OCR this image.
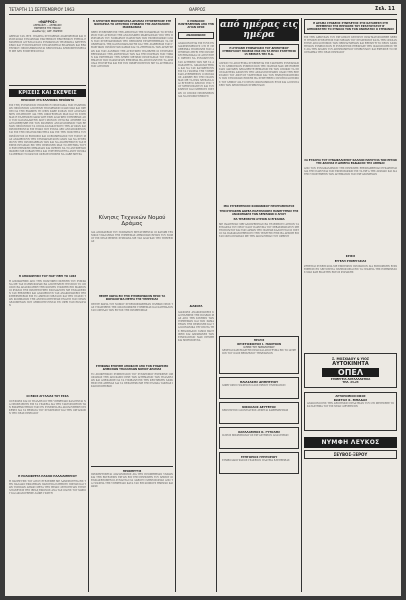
ΤΕΤΑΡΤΗ 11 ΣΕΠΤΕΜΒΡΙΟΥ 1963	ΘΑΡΡΟΣ	Σελ. 11
«ΘΑΡΡΟΣ»
ΑΘΗΝΑΪΚΗ — ΑΘΗΝΑΙΟΣ
ΕΦΗΜΕΡΙΣ ΤΗΣ ΠΡΩΙΑΣ
Διευθυντής: ΑΝΤ. ΘΑΡΡΟΣ
ΑΘΗΝΑΙ ΤΑΧ. ΘΥΡ. ΓΡΑΦΕΙΑ ΣΥΝΤΑΞΕΩΣ ΔΙΑΧΕΙΡΙΣΕΩΣ ΚΑΙ ΠΡΟΣΤΑΣΙΑΣ ΣΥΝΔΡΟΜΑΙ ΕΣΩΤΕΡΙΚΟΥ ΕΞΩΤΕΡΙΚΟΥ ΕΤΗΣΙΑ ΕΞΑΜΗΝΟΣ ΑΓΓΕΛΙΑΙ ΚΑΤΑ ΣΥΜΦΩΝΙΑΝ ΤΗΛΕΦΩΝΑ ΔΙΕΥΘΥΝΣΕΩΣ ΚΑΙ ΤΥΠΟΓΡΑΦΕΙΟΥ ΣΥΝΔΡΟΜΗΤΑΙ ΕΠΑΡΧΙΩΝ ΚΑΙ ΕΞΩΤΕΡΙΚΟΥ ΠΡΟΠΛΗΡΩΝΟΝΤΑΙ ΧΕΙΡΟΓΡΑΦΑ ΔΗΜΟΣΙΕΥΟΜΕΝΑ Η ΜΗ ΔΕΝ ΕΠΙΣΤΡΕΦΟΝΤΑΙ
ΚΡΙΣΕΙΣ ΚΑΙ ΣΚΕΨΕΙΣ
ΠΡΟΣΟΧΗ ΣΤΑ ΕΛΛΗΝΙΚΑ ΠΡΟΪΟΝΤΑ
ΕΙΣ ΤΗΝ ΣΥΓΧΡΟΝΟΝ ΕΠΟΧΗΝ Η ΠΡΟΣΤΑΣΙΑ ΤΩΝ ΕΛΛΗΝΙΚΩΝ ΠΡΟΪΟΝΤΩΝ ΑΠΟΤΕΛΕΙ ΥΠΟΧΡΕΩΣΙΝ ΟΛΩΝ ΜΑΣ ΚΑΙ ΠΡΕΠΕΙ ΝΑ ΤΗΝ ΕΧΩΜΕΝ ΥΠ ΟΨΙΝ ΚΑΘΕ ΦΟΡΑΝ ΠΟΥ ΑΓΟΡΑΖΟΜΕΝ ΟΤΙΔΗΠΟΤΕ ΔΙΑ ΤΗΝ ΟΙΚΟΓΕΝΕΙΑΝ ΜΑΣ ΚΑΙ ΤΟ ΣΠΙΤΙ ΜΑΣ Η ΕΛΛΗΝΙΚΗ ΠΑΡΑΓΩΓΗ ΕΧΕΙ ΑΝΑΓΚΗΝ ΣΤΗΡΙΞΕΩΣ ΑΠΟ ΤΟΝ ΚΑΤΑΝΑΛΩΤΗΝ ΔΙΟΤΙ ΜΟΝΟΝ ΟΥΤΩ ΘΑ ΔΥΝΗΘΗ ΝΑ ΑΝΤΑΠΕΞΕΛΘΗ ΕΙΣ ΤΟΝ ΣΚΛΗΡΟΝ ΑΝΤΑΓΩΝΙΣΜΟΝ ΤΩΝ ΞΕΝΩΝ ΠΡΟΪΟΝΤΩΝ ΤΑ ΟΠΟΙΑ ΚΑΤΑΚΛΥΖΟΥΝ ΤΗΝ ΑΓΟΡΑΝ ΚΑΙ ΠΡΟΣΦΕΡΟΝΤΑΙ ΕΙΣ ΤΙΜΑΣ ΠΟΥ ΣΥΧΝΑ ΔΕΝ ΑΝΤΑΠΟΚΡΙΝΟΝΤΑΙ ΕΙΣ ΤΗΝ ΠΡΑΓΜΑΤΙΚΟΤΗΤΑ ΚΑΙ ΕΙΣ ΤΗΝ ΠΟΙΟΤΗΤΑ ΤΟΥ ΠΡΟΪΟΝΤΟΣ ΟΙ ΕΜΠΟΡΟΙ ΚΑΙ ΟΙ ΒΙΟΜΗΧΑΝΟΙ ΤΟΥ ΤΟΠΟΥ ΜΑΣ ΑΝΑΜΕΝΟΥΝ ΤΗΝ ΣΥΜΠΑΡΑΣΤΑΣΙΝ ΟΛΩΝ ΔΙΑ ΝΑ ΣΥΝΕΧΙΣΟΥΝ ΤΗΝ ΠΡΟΣΠΑΘΕΙΑΝ ΤΩΝ ΚΑΙ ΝΑ ΔΙΑΤΗΡΗΣΟΥΝ ΤΑΣ ΘΕΣΕΙΣ ΕΡΓΑΣΙΑΣ ΕΙΣ ΤΗΝ ΠΕΡΙΟΧΗΝ ΜΑΣ ΤΟ ΖΗΤΗΜΑ ΤΟΥΤΟ ΕΧΕΙ ΕΘΝΙΚΗΝ ΣΗΜΑΣΙΑΝ ΚΑΙ ΠΡΕΠΕΙ ΝΑ ΤΟ ΑΝΤΙΜΕΤΩΠΙΣΩΜΕΝ ΜΕ ΣΟΒΑΡΟΤΗΤΑ ΚΑΙ ΥΠΕΥΘΥΝΟΤΗΤΑ ΑΝΕΥ ΠΡΟΚΑΤΑΛΗΨΕΩΝ ΤΟ ΚΡΑΤΟΣ ΟΦΕΙΛΕΙ ΕΠΙΣΗΣ ΝΑ ΛΑΒΗ ΜΕΤΡΑ
Η ΑΠΟΧΩΡΗΣΙΣ ΤΟΥ ΠΑΡ' ΠΕΡΙ ΤΟ 1963
Η ΑΠΟΧΩΡΗΣΙΣ ΑΠΟ ΤΗΝ ΠΟΛΙΤΙΚΗΝ ΣΚΗΝΗΝ ΤΟΥ ΣΥΜΦΩΝΑ ΜΕ ΤΑΣ ΠΛΗΡΟΦΟΡΙΑΣ ΘΑ ΑΠΟΤΕΛΕΣΗ ΓΕΓΟΝΟΣ ΤΟ ΟΠΟΙΟΝ ΘΑ ΑΠΑΣΧΟΛΗΣΗ ΤΗΝ ΚΟΙΝΗΝ ΓΝΩΜΗΝ ΕΠΙ ΜΑΚΡΟΝ ΟΙ ΚΥΚΛΟΙ ΤΗΣ ΠΡΩΤΕΥΟΥΣΗΣ ΣΧΟΛΙΑΖΟΥΝ ΜΕ ΕΝΔΙΑΦΕΡΟΝ ΤΑΣ ΕΞΕΛΙΞΕΙΣ ΚΑΙ ΑΝΑΜΕΝΟΥΝ ΤΑΣ ΑΝΑΚΟΙΝΩΣΕΙΣ ΤΗΣ ΚΥΒΕΡΝΗΣΕΩΣ ΕΙΣ ΤΟ ΑΜΕΣΟΝ ΜΕΛΛΟΝ ΚΑΙ ΤΗΝ ΣΤΑΣΙΝ ΤΩΝ ΚΟΜΜΑΤΩΝ ΤΗΣ ΑΝΤΙΠΟΛΙΤΕΥΣΕΩΣ ΕΝΑΝΤΙ ΤΩΝ ΝΕΩΝ ΔΕΔΟΜΕΝΩΝ ΠΟΥ ΔΗΜΙΟΥΡΓΟΥΝΤΑΙ ΕΝ ΟΨΕΙ ΤΩΝ ΕΚΛΟΓΩΝ
ΟΙ ΕΦΟΣ ΑΓΓΑΛΙΑΣ ΤΟΥ ΕΣΚΑ
ΟΙ ΕΦΟΡΟΙ ΚΑΙ ΟΙ ΥΠΑΛΛΗΛΟΙ ΤΗΣ ΥΠΗΡΕΣΙΑΣ ΚΑΛΟΥΝΤΑΙ ΝΑ ΠΡΟΣΕΛΘΟΥΝ ΕΙΣ ΤΑ ΓΡΑΦΕΙΑ ΔΙΑ ΤΗΝ ΤΑΚΤΟΠΟΙΗΣΙΝ ΤΩΝ ΕΚΚΡΕΜΟΤΗΤΩΝ ΤΩΝ ΕΝ ΣΥΝΕΧΕΙΑ ΘΑ ΑΚΟΛΟΥΘΗΣΗ ΣΥΣΚΕΨΙΣ ΔΙΑ ΤΑ ΘΕΜΑΤΑ ΤΟΥ ΣΥΝΔΕΣΜΟΥ ΚΑΙ ΤΗΝ ΟΡΓΑΝΩΣΙΝ ΤΗΣ ΝΕΑΣ ΠΕΡΙΟΔΟΥ
Η ΠΟΛΙΟΦΡΕΤΑ ΠΑΣΑΝΙ ΠΑΛΑΙΑΜΠΕΣΟΥ
Η ΠΑΝΗΓΥΡΙΣ ΤΟΥ ΑΓΙΟΥ ΕΤΕΛΕΣΘΗ ΜΕ ΛΑΜΠΡΟΤΗΤΑ ΕΙΣ ΤΗΝ ΠΑΛΑΙΑΝ ΕΚΚΛΗΣΙΑΝ ΠΑΡΟΥΣΙΑ ΠΛΗΘΟΥΣ ΠΙΣΤΩΝ ΚΑΙ ΤΩΝ ΤΟΠΙΚΩΝ ΑΡΧΩΝ ΜΕΤΑ ΤΗΝ ΘΕΙΑΝ ΛΕΙΤΟΥΡΓΙΑΝ ΕΓΙΝΕ ΛΙΤΑΝΕΥΣΙΣ ΤΗΣ ΙΕΡΑΣ ΕΙΚΟΝΟΣ ΑΝΑ ΤΑΣ ΟΔΟΥΣ ΤΟΥ ΧΩΡΙΟΥ ΚΑΙ ΑΚΟΛΟΥΘΗΣΕ ΛΑΪΚΗ ΓΙΟΡΤΗ
Η ΑΓΡΟΤΙΚΗ ΜΙΚΡΟΦΡΑΓΚΑ ΔΡΑΜΑΣ ΣΥΓΚΕΝΤΡΩΣΕ ΣΤΗ ΝΟΜΑΡΧΙΑ ΤΟ ΑΓΡΟΤΙΚΟ ΣΥΝΕΔΡΙΟ ΤΗΣ ΑΝΑΤΟΛΙΚΗΣ ΜΑΚΕΔΟΝΙΑΣ
ΧΘΕΣ ΣΥΝΕΡΧΘΗ ΕΙΣ ΤΗΝ ΑΙΘΟΥΣΑΝ ΤΗΣ ΝΟΜΑΡΧΙΑΣ ΤΟ ΣΥΝΕΔΡΙΟΝ ΤΩΝ ΑΓΡΟΤΩΝ ΤΗΣ ΑΝΑΤΟΛΙΚΗΣ ΜΑΚΕΔΟΝΙΑΣ ΥΠΟ ΤΗΝ ΠΡΟΕΔΡΙΑΝ ΤΟΥ ΝΟΜΑΡΧΟΥ ΠΑΡΟΝΤΩΝ ΤΩΝ ΕΚΠΡΟΣΩΠΩΝ ΟΛΩΝ ΤΩΝ ΣΥΝΕΤΑΙΡΙΣΜΩΝ ΤΗΣ ΠΕΡΙΟΧΗΣ ΕΣΥΖΗΤΗΘΗΣΑΝ ΤΑ ΠΡΟΒΛΗΜΑΤΑ ΤΗΣ ΚΑΠΝΟΠΑΡΑΓΩΓΗΣ ΚΑΙ ΤΗΣ ΔΙΑΘΕΣΕΩΣ ΤΩΝ ΓΕΩΡΓΙΚΩΝ ΠΡΟΪΟΝΤΩΝ ΚΑΘΩΣ ΚΑΙ ΤΑ ΖΗΤΗΜΑΤΑ ΤΩΝ ΑΡΔΕΥΣΕΩΝ ΚΑΙ ΤΩΝ ΔΑΝΕΙΩΝ ΤΗΣ ΑΓΡΟΤΙΚΗΣ ΤΡΑΠΕΖΗΣ ΟΙ ΣΥΝΕΔΡΟΙ ΕΞΕΦΡΑΣΑΝ ΤΗΝ ΑΝΗΣΥΧΙΑΝ ΤΩΝ ΔΙΑ ΤΗΝ ΠΟΡΕΙΑΝ ΤΩΝ ΤΙΜΩΝ ΚΑΙ ΕΖΗΤΗΣΑΝ ΤΗΝ ΛΗΨΙΝ ΜΕΤΡΩΝ ΠΡΟΣΤΑΣΙΑΣ ΤΟΥ ΕΙΣΟΔΗΜΑΤΟΣ ΤΩΝ ΠΑΡΑΓΩΓΩΝ ΨΗΦΙΣΜΑ ΘΑ ΑΠΟΣΤΑΛΗ ΕΙΣ ΤΑ ΑΡΜΟΔΙΑ ΥΠΟΥΡΓΕΙΑ ΚΑΙ ΕΙΣ ΤΟΝ ΠΡΩΘΥΠΟΥΡΓΟΝ ΜΕ ΤΑ ΑΙΤΗΜΑΤΑ ΤΩΝ ΑΓΡΟΤΩΝ
Κίνησις Τεχνικών Νομού Δράμας
ΔΙΑ ΑΠΟΦΑΣΕΩΣ ΤΟΥ ΝΟΜΑΡΧΟΥ ΜΕΤΑΤΙΘΕΝΤΑΙ ΟΙ ΚΑΤΩΘΙ ΤΕΧΝΙΚΟΙ ΥΠΑΛΛΗΛΟΙ ΤΗΣ ΥΠΗΡΕΣΙΑΣ ΔΗΜΟΣΙΩΝ ΕΡΓΩΝ ΤΟΥ ΝΟΜΟΥ ΕΙΣ ΝΕΑΣ ΘΕΣΕΙΣ ΣΥΜΦΩΝΑ ΜΕ ΤΑΣ ΑΝΑΓΚΑΣ ΤΗΣ ΥΠΗΡΕΣΙΑΣ
ΠΕΝΤΕ ΧΩΡΙΑ ΕΙΣ ΤΗΝ ΣΥΜΜΟΡΦΩΣΙΝ ΠΡΟΣ ΤΑ ΦΟΡΟΛΟΓΙΚΑ ΜΕΤΡΑ ΤΗΣ ΥΠΗΡΕΣΙΑΣ
ΠΕΝΤΕ ΧΩΡΙΑ ΤΟΥ ΝΟΜΟΥ ΣΥΝΕΜΟΡΦΩΘΗΣΑΝ ΠΛΗΡΩΣ ΠΡΟΣ ΤΑΣ ΥΠΟΔΕΙΞΕΙΣ ΤΗΣ ΟΙΚΟΝΟΜΙΚΗΣ ΥΠΗΡΕΣΙΑΣ ΚΑΙ ΚΑΤΕΒΑΛΟΝ ΤΑΣ ΟΦΕΙΛΑΣ ΤΩΝ ΕΝΤΟΣ ΤΗΣ ΠΡΟΘΕΣΜΙΑΣ
ΣΥΜΦΩΝΑ ΕΓΚΡΙΘΗ ΑΠΟΦΑΣΗ ΑΠΟ ΤΟΝ ΣΥΝΔΕΣΜΟ ΔΗΜΟΣΙΩΝ ΥΠΑΛΛΗΛΩΝ ΝΟΜΟΥ ΔΡΑΜΑΣ
ΤΟ ΔΙΟΙΚΗΤΙΚΟΝ ΣΥΜΒΟΥΛΙΟΝ ΤΟΥ ΣΥΝΔΕΣΜΟΥ ΕΝΕΚΡΙΝΕ ΟΜΟΦΩΝΩΣ ΤΗΝ ΑΠΟΦΑΣΙΝ ΠΕΡΙ ΤΩΝ ΑΙΤΗΜΑΤΩΝ ΤΩΝ ΥΠΑΛΛΗΛΩΝ ΚΑΙ ΑΠΕΦΑΣΙΣΕ ΝΑ ΤΑ ΥΠΟΒΑΛΗ ΕΙΣ ΤΗΝ ΚΕΝΤΡΙΚΗΝ ΔΙΟΙΚΗΣΙΝ ΕΙΣ ΑΘΗΝΑΣ ΔΙΑ ΤΑ ΠΕΡΑΙΤΕΡΩ ΜΕ ΤΗΝ ΕΛΠΙΔΑ ΤΑΧΕΙΑΣ ΙΚΑΝΟΠΟΙΗΣΕΩΣ
ΠΡΟΚΗΡΥΞΙΣ
ΠΡΟΚΗΡΥΣΣΕΤΑΙ ΔΙΑΓΩΝΙΣΜΟΣ ΔΙΑ ΤΗΝ ΠΡΟΜΗΘΕΙΑΝ ΥΛΙΚΩΝ ΚΑΙ ΤΗΝ ΕΚΤΕΛΕΣΙΝ ΕΡΓΩΝ ΕΙΣ ΤΗΝ ΠΕΡΙΟΧΗΝ ΤΟΥ ΔΗΜΟΥ ΟΙ ΕΝΔΙΑΦΕΡΟΜΕΝΟΙ ΔΥΝΑΝΤΑΙ ΝΑ ΛΑΒΟΥΝ ΠΛΗΡΟΦΟΡΙΑΣ ΑΠΟ ΤΑ ΓΡΑΦΕΙΑ ΤΗΣ ΥΠΗΡΕΣΙΑΣ ΚΑΤΑ ΤΑΣ ΕΡΓΑΣΙΜΟΥΣ ΗΜΕΡΑΣ ΚΑΙ ΩΡΑΣ
Ο ΜΟΝΑΧΟΣ ΠΑΝΤΕΛΕΗΜΩΝ ΑΠΟ ΤΗΝ ΑΓΙΑΝ ΟΡΟΣ
ΑΝΑΚΟΙΝΩΣΙΣ
ΑΝΑΚΟΙΝΟΥΤΑΙ ΕΙΣ ΤΟΥΣ ΕΝΔΙΑΦΕΡΟΜΕΝΟΥΣ ΟΤΙ Η ΠΡΟΘΕΣΜΙΑ ΥΠΟΒΟΛΗΣ ΤΩΝ ΑΙΤΗΣΕΩΝ ΛΗΓΕΙ ΤΗΝ ΠΡΟΣΕΧΗ ΕΒΔΟΜΑΔΑ ΟΙ ΑΙΤΟΥΝΤΕΣ ΠΡΕΠΕΙ ΝΑ ΣΥΝΟΔΕΥΟΥΝ ΤΑΣ ΑΙΤΗΣΕΙΣ ΤΩΝ ΜΕ ΤΑ ΑΠΑΡΑΙΤΗΤΑ ΔΙΚΑΙΟΛΟΓΗΤΙΚΑ ΚΑΙ ΝΑ ΤΑΣ ΚΑΤΑΘΕΣΟΥΝ ΕΙΣ ΤΑ ΓΡΑΦΕΙΑ ΤΗΣ ΥΠΗΡΕΣΙΑΣ ΑΥΘΗΜΕΡΟΝ Ο ΜΟΝΑΧΟΣ ΑΦΙΧΘΗ ΕΙΣ ΤΗΝ ΠΟΛΙΝ ΜΑΣ ΜΕ ΤΑ ΙΕΡΑ ΛΕΙΨΑΝΑ ΚΑΙ ΕΓΕΝΕΤΟ ΔΕΚΤΟΣ ΥΠΟ ΤΟΥ ΜΗΤΡΟΠΟΛΙΤΟΥ ΚΑΙ ΤΟΥ ΚΛΗΡΟΥ ΚΑΙ ΠΛΗΘΟΥΣ ΠΙΣΤΩΝ ΟΙ ΟΠΟΙΟΙ ΠΡΟΣΗΛΘΟΝ ΔΙΑ ΝΑ ΠΡΟΣΚΥΝΗΣΟΥΝ
ΔΙΑΦΟΡΑ
ΔΙΑΦΟΡΟΙ ΑΝΑΚΟΙΝΩΣΕΙΣ ΚΑΙ ΕΙΔΗΣΕΙΣ ΤΗΣ ΠΟΛΕΩΣ ΜΑΣ ΑΠΟ ΤΗΝ ΚΙΝΗΣΙΝ ΤΩΝ ΥΠΗΡΕΣΙΩΝ ΚΑΙ ΤΩΝ ΣΩΜΑΤΕΙΩΝ ΤΗΣ ΠΕΡΙΟΧΗΣ ΚΑΙ ΤΑ ΚΟΙΝΩΝΙΚΑ ΓΕΓΟΝΟΤΑ ΤΗΣ ΕΒΔΟΜΑΔΟΣ ΓΑΜΟΙ ΒΑΠΤΙΣΕΙΣ ΚΑΙ ΑΡΡΑΒΩΝΕΣ ΤΩΝ ΣΥΜΠΟΛΙΤΩΝ ΜΑΣ ΠΕΝΘΗ ΚΑΙ ΜΝΗΜΟΣΥΝΑ
από ημέρας εις ημέρα
Η ΑΥΡΙΑΝΗ ΣΥΝΕΔΡΙΑΣΙΣ ΤΟΥ ΔΗΜΟΤΙΚΟΥ ΣΥΜΒΟΥΛΙΟΥ ΠΟΛΕΩΣ ΜΑΣ ΜΑ ΤΑ ΠΡΟΣ ΣΥΖΗΤΗΣΙΝ 15 ΘΕΜΑΤΑ ΤΗΣ Η.Δ.
ΑΥΡΙΟΝ ΤΟ ΑΠΟΓΕΥΜΑ ΣΥΝΕΡΧΕΤΑΙ ΕΙΣ ΤΑΚΤΙΚΗΝ ΣΥΝΕΔΡΙΑΣΙΝ ΤΟ ΔΗΜΟΤΙΚΟΝ ΣΥΜΒΟΥΛΙΟΝ ΤΗΣ ΠΟΛΕΩΣ ΜΑΣ ΜΕ ΗΜΕΡΗΣΙΑΝ ΔΙΑΤΑΞΙΝ ΔΕΚΑΠΕΝΤΕ ΘΕΜΑΤΩΝ ΕΚ ΤΩΝ ΟΠΟΙΩΝ ΤΑ ΣΠΟΥΔΑΙΟΤΕΡΑ ΑΦΟΡΟΥΝ ΤΗΝ ΑΣΦΑΛΤΟΣΤΡΩΣΙΝ ΟΔΩΝ ΤΗΝ ΕΠΕΚΤΑΣΙΝ ΤΟΥ ΔΙΚΤΥΟΥ ΥΔΡΕΥΣΕΩΣ ΚΑΙ ΤΟΝ ΗΛΕΚΤΡΟΦΩΤΙΣΜΟΝ ΤΩΝ ΣΥΝΟΙΚΙΩΝ ΕΠΙΣΗΣ ΘΑ ΣΥΖΗΤΗΘΗ Ο ΠΡΟΫΠΟΛΟΓΙΣΜΟΣ ΤΟΥ ΔΗΜΟΥ ΔΙΑ ΤΟ ΝΕΟΝ ΟΙΚΟΝΟΜΙΚΟΝ ΕΤΟΣ ΚΑΙ ΑΙ ΠΡΟΤΑΣΕΙΣ ΤΩΝ ΔΗΜΟΤΙΚΩΝ ΣΥΜΒΟΥΛΩΝ
ΜΙΑ ΣΥΓΚΕΝΤΡΩΣΙΣ ΚΟΙΝΩΝΙΚΟΥ ΠΡΟΓΡΑΜΜΑΤΟΣ
ΤΗΝ ΚΥΡΙΑΚΗΝ ΔΩΡΕΑ ΠΟΛΥΠΛΟΚΗΣ ΠΑΝΗΓΥΡΕΩΣ ΤΗΣ ΑΝΑΚΟΜΙΔΗΣ ΤΩΝ ΛΕΙΨΑΝΩΝ Ο ΑΓΙΟΥ
ΘΑ ΤΕΛΕΣΘΟΥΝ ΑΥΡΙΟΝ ΑΙ ΕΓΚΑΙΝΙΑ
ΜΕ ΙΔΙΑΙΤΕΡΑΝ ΜΕΓΑΛΟΠΡΕΠΕΙΑΝ ΘΑ ΤΕΛΕΣΘΟΥΝ ΑΥΡΙΟΝ ΤΑ ΕΓΚΑΙΝΙΑ ΤΟΥ ΝΕΟΥ ΝΑΟΥ ΠΑΡΟΥΣΙΑ ΤΟΥ ΣΕΒΑΣΜΙΩΤΑΤΟΥ ΜΗΤΡΟΠΟΛΙΤΟΥ ΚΑΙ ΤΩΝ ΑΡΧΩΝ ΤΗΣ ΠΟΛΕΩΣ ΚΑΛΟΥΝΤΑΙ ΟΙ ΠΙΣΤΟΙ ΝΑ ΠΑΡΑΚΟΛΟΥΘΗΣΟΥΝ ΤΗΝ ΤΕΛΕΤΗΝ ΗΤΙΣ ΘΑ ΑΡΧΙΣΗ ΕΙΣ ΤΑΣ ΟΚΤΩ ΠΡΩΙΝΑΣ ΜΕ ΤΗΝ ΑΚΟΛΟΥΘΙΑΝ ΤΟΥ ΟΡΘΡΟΥ
ΠΡΑΞΙΣ
ΧΡΙΣΤΟΦΟΡΟΣ Ι. ΠΑΝΤΙΟΝ
ΙΑΤΡΟΣ ΤΟΥ ΠΑΘΟΛΟΓΙΚΟΥ
ΔΕΧΕΤΑΙ ΚΑΘ ΕΚΑΣΤΗΝ ΠΡΩΙ ΚΑΙ ΑΠΟΓΕΥΜΑ ΕΙΣ ΤΟ ΙΑΤΡΕΙΟΝ ΤΟΥ ΟΔΟΣ ΒΕΝΙΖΕΛΟΥ ΤΗΛΕΦΩΝΟΝ
ΗΛΙΑΣΑΚΗΣ ΔΗΜΗΤΡΙΟΥ
ΔΙΚΗΓΟΡΟΣ ΓΡΑΦΕΙΟΝ ΟΔΟΣ ΕΡΜΟΥ ΤΗΛΕΦΩΝΟΝ
ΝΙΚΟΛΑΟΣ ΔΕΥΤΕΡΟΣ
ΧΕΙΡΟΥΡΓΟΣ ΟΔΟΝΤΙΑΤΡΟΣ ΔΕΧΕΤΑΙ ΚΑΘΗΜΕΡΙΝΩΣ
ΧΑΡΑΛΑΜΠΟΣ Κ. ΓΥΤΟΛΗΣ
ΙΑΤΡΟΣ ΜΙΚΡΟΒΙΟΛΟΓΟΣ ΕΡΓΑΣΤΗΡΙΟΝ ΑΝΑΛΥΣΕΩΝ
ΓΡΗΓΟΡΙΟΣ ΓΡΗΓΟΡΙΟΥ
ΣΥΜΒΟΛΑΙΟΓΡΑΦΟΣ ΓΡΑΦΕΙΟΝ ΠΛΑΤΕΙΑ ΕΛΕΥΘΕΡΙΑΣ
Η ΔΡΑΜΑ ΣΥΝΔΕΣΙΣ ΣΥΝΕΛΕΥΣΙΣ ΣΤΙΣ ΚΑΤΑΘΕΣΗ ΣΤΗ ΠΡΕΜΠΡΟΣ ΤΗΣ ΠΕΡΙΟΧΗΣ ΤΟΥ ΕΚΤΑΤΟΤΑΤΟΥ Β' ΔΗΜΟΚΡΑΤΗΣ ΤΟ ΣΥΝΟΛΟ ΤΟΝ ΤΟΝ ΟΝΟΜΑΤΟΣ Ο ΣΤΕΦΑΝΟΣ
ΕΙΣ ΤΗΝ ΑΙΘΟΥΣΑΝ ΤΟΥ ΕΡΓΑΤΙΚΟΥ ΚΕΝΤΡΟΥ ΠΡΑΓΜΑΤΟΠΟΙΗΘΗ ΧΘΕΣ Η ΓΕΝΙΚΗ ΣΥΝΕΛΕΥΣΙΣ ΤΩΝ ΜΕΛΩΝ ΤΟΥ ΣΥΝΔΕΣΜΟΥ ΚΑΤΑ ΤΗΝ ΟΠΟΙΑΝ ΕΓΙΝΕ ΑΠΟΛΟΓΙΣΜΟΣ ΤΩΝ ΠΕΠΡΑΓΜΕΝΩΝ ΚΑΙ ΕΞΕΛΕΓΗ ΤΟ ΝΕΟΝ ΔΙΟΙΚΗΤΙΚΟΝ ΣΥΜΒΟΥΛΙΟΝ Η ΣΥΝΕΛΕΥΣΙΣ ΕΞΕΦΡΑΣΕ ΤΗΝ ΙΚΑΝΟΠΟΙΗΣΙΝ ΤΗΣ ΔΙΑ ΤΗΝ ΔΡΑΣΙΝ ΤΟΥ ΑΠΕΡΧΟΜΕΝΟΥ ΣΥΜΒΟΥΛΙΟΥ ΚΑΙ ΕΨΗΦΙΣΕ ΤΟ ΠΡΟΓΡΑΜΜΑ ΤΗΣ ΝΕΑΣ ΠΕΡΙΟΔΟΥ
ΣΑ ΕΥΧΑΡΙΑ ΤΟΥ ΣΥΝΔΙΚΑΛΙΣΜΟΥ ΚΑΛΛΩΝ ΠΑΡΟΥΣΙΑ ΤΩΝ ΕΡΓΩΝ ΤΗΣ ΔΡΑΜΑΣ Η ΔΙΜΕΡΙΑ ΕΚΔΙΔΟΣΙΣ ΤΗΣ ΑΘΗΝΑΣ
ΑΠΟ ΤΟΝ ΣΥΝΔΙΚΑΛΙΣΜΟΝ ΤΗΣ ΠΕΡΙΟΧΗΣ ΕΞΕΦΡΑΣΘΗΣΑΝ ΕΥΧΑΡΙΣΤΙΑΙ ΔΙΑ ΤΗΝ ΠΑΡΟΥΣΙΑ ΤΩΝ ΕΚΠΡΟΣΩΠΩΝ ΕΙΣ ΤΑ ΕΡΓΑ ΤΗΣ ΔΡΑΜΑΣ ΚΑΙ ΔΙΑ ΤΗΝ ΥΠΟΣΤΗΡΙΞΙΝ ΤΩΝ ΑΙΤΗΜΑΤΩΝ ΤΩΝ ΕΡΓΑΖΟΜΕΝΩΝ
ΚΡΙΣΙΣ
ΕΓΓΕΛΗ ΣΥΝΕΡΓΑΣΙΑΣ
ΖΗΤΕΙΤΑΙ ΣΥΝΕΡΓΑΣΙΑ ΜΕ ΕΜΠΕΙΡΟΝ ΠΡΟΣΩΠΟΝ ΔΙΑ ΕΜΠΟΡΙΚΗΝ ΕΠΙΧΕΙΡΗΣΙΝ ΕΝ ΛΕΙΤΟΥΡΓΙΑ ΠΛΗΡΟΦΟΡΙΑΙ ΕΙΣ ΤΑ ΓΡΑΦΕΙΑ ΤΗΣ ΕΦΗΜΕΡΙΔΟΣ ΜΑΣ ΚΑΘ ΕΚΑΣΤΗΝ ΕΚΤΟΣ ΚΥΡΙΑΚΗΣ
Σ. ΜΟΣΧΙΔΟΥ & ΥΙΟΣ
ΑΥΤΟΚΙΝΗΤΑ
ΟΠΕΛ
ΣΥΝΕΡΓΕΙΑ ΑΝΤΑΛΛΑΚΤΙΚΑ
ΤΗΛ. 23-23
ΑΡΤΟΠΟΙΕΙΟΝ ΝΙΚΟΣ
ΚΩΣΤΑΣ Χ. ΜΠΑΔΑΣ
ΑΝΑΚΟΙΝΟΙ ΕΙΣ ΤΗΝ ΑΞΙΟΤΙΜΟΝ ΠΕΛΑΤΕΙΑΝ ΤΟΥ ΟΤΙ ΜΕΤΕΦΕΡΕ ΤΟ ΚΑΤΑΣΤΗΜΑ ΤΟΥ ΕΙΣ ΝΕΑΝ ΔΙΕΥΘΥΝΣΙΝ
ΝΥΜΦΗ ΛΕΥΚΟΣ
ΣΕΥΒΟΣ-ΞΕΡΟΥ
